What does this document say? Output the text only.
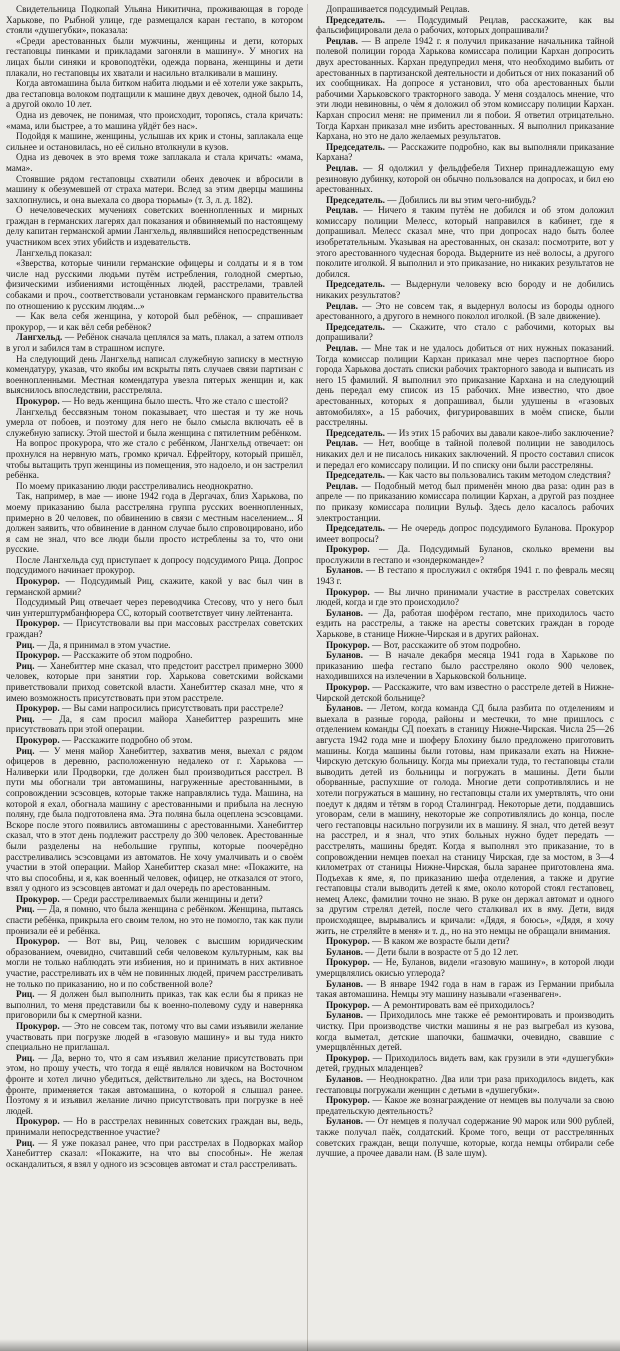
Свидетельница Подкопай Ульяна Никитична, проживающая в городе Харькове, по Рыбной улице, где размещался каран гестапо, в котором стояли «душегубки», показала:

«Среди арестованных были мужчины, женщины и дети, которых гестаповцы пинками и прикладами загоняли в машину». У многих на лицах были синяки и кровоподтёки, одежда порвана, женщины и дети плакали, но гестаповцы их хватали и насильно вталкивали в машину.

Когда автомашина была битком набита людьми и её хотели уже закрыть, два гестаповца волоком подтащили к машине двух девочек, одной было 14, а другой около 10 лет.

Одна из девочек, не понимая, что происходит, торопясь, стала кричать: «мама, или быстрее, а то машина уйдёт без нас».

Подойдя к машине, женщины, услышав их крик и стоны, заплакала еще сильнее и остановилась, но её сильно втолкнули в кузов.

Одна из девочек в это время тоже заплакала и стала кричать: «мама, мама».

Стоявшие рядом гестаповцы схватили обеих девочек и вбросили в машину к обезумевшей от страха матери. Вслед за этим дверцы машины захлопнулись, и она выехала со двора тюрьмы» (т. 3, л. д. 182).

О нечеловеческих мучениях советских военнопленных и мирных граждан в германских лагерях дал показания и обвиняемый по настоящему делу капитан германской армии Лангхельд, являвшийся непосредственным участником всех этих убийств и издевательств.

Лангхельд показал:

«Зверства, которые чинили германские офицеры и солдаты и я в том числе над русскими людьми путём истребления, голодной смертью, физическими избиениями истощённых людей, расстрелами, травлей собаками и проч., соответствовали установкам германского правительства по отношению к русским людям...»

— Как вела себя женщина, у которой был ребёнок, — спрашивает прокурор, — и как вёл себя ребёнок?

Лангхельд. — Ребёнок сначала цеплялся за мать, плакал, а затем отполз в угол и забился там в страшном испуге.

На следующий день Лангхельд написал служебную записку в местную комендатуру, указав, что якобы им вскрыты пять случаев связи партизан с военнопленными. Местная комендатура увезла пятерых женщин и, как выяснилось впоследствии, расстреляла.

Прокурор. — Но ведь женщина было шесть. Что же стало с шестой?

Лангхельд бессвязным тоном показывает, что шестая и ту же ночь умерла от побоев, и поэтому для него не было смысла включать её в служебную записку. Этой шестой и была женщина с пятилетним ребёнком.

На вопрос прокурора, что же стало с ребёнком, Лангхельд отвечает: он прохнулся на нервную мать, громко кричал. Ефрейтору, который пришёл, чтобы вытащить труп женщины из помещения, это надоело, и он застрелил ребёнка.

По моему приказанию люди расстреливались неоднократно.

Так, например, в мае — июне 1942 года в Дергачах, близ Харькова, по моему приказанию была расстреляна группа русских военнопленных, примерно в 20 человек, по обвинению в связи с местным населением... Я должен заявить, что обвинение в данном случае было спровоцировано, ибо я сам не знал, что все люди были просто истреблены за то, что они русские.

После Лангхельда суд приступает к допросу подсудимого Рица. Допрос подсудимого начинает прокурор.

Прокурор. — Подсудимый Риц, скажите, какой у вас был чин в германской армии?

Подсудимый Риц отвечает через переводчика Стесову, что у него был чин унтерштурмбанфюрера СС, который соответствует чину лейтенанта.

Прокурор. — Присутствовали вы при массовых расстрелах советских граждан?

Риц. — Да, я принимал в этом участие.

Прокурор. — Расскажите об этом подробно.

Риц. — Ханебиттер мне сказал, что предстоит расстрел примерно 3000 человек, которые при занятии гор. Харькова советскими войсками приветствовали приход советской власти. Ханебиттер сказал мне, что я имею возможность присутствовать при этом расстреле.

Прокурор. — Вы сами напросились присутствовать при расстреле?

Риц. — Да, я сам просил майора Ханебиттер разрешить мне присутствовать при этой операции.

Прокурор. — Расскажите подробно об этом.

Риц. — У меня майор Ханебиттер, захватив меня, выехал с рядом офицеров в деревню, расположенную недалеко от г. Харькова — Наливерки или Продворки, где должен был производиться расстрел. В пути мы обогнали три автомашины, нагруженные арестованными, в сопровождении эсэсовцев, которые также направлялись туда. Машина, на которой я ехал, обогнала машину с арестованными и прибыла на лесную поляну, где была подготовлена яма. Эта поляна была оцеплена эсэсовцами. Вскоре после этого появились автомашины с арестованными. Ханебиттер сказал, что в этот день подлежит расстрелу до 300 человек. Арестованные были разделены на небольшие группы, которые поочерёдно расстреливались эсэсовцами из автоматов. Не хочу умалчивать и о своём участии в этой операции. Майор Ханебиттер сказал мне: «Покажите, на что вы способны, и я, как военный человек, офицер, не отказался от этого, взял у одного из эсэсовцев автомат и дал очередь по арестованным.

Прокурор. — Среди расстреливаемых были женщины и дети?

Риц. — Да, я помню, что была женщина с ребёнком. Женщина, пытаясь спасти ребёнка, прикрыла его своим телом, но это не помогло, так как пули пронизали её и ребёнка.

Прокурор. — Вот вы, Риц, человек с высшим юридическим образованием, очевидно, считавший себя человеком культурным, как вы могли не только наблюдать эти избиения, но и принимать в них активное участие, расстреливать их в чём не повинных людей, причем расстреливать не только по приказанию, но и по собственной воле?

Риц. — Я должен был выполнить приказ, так как если бы я приказ не выполнил, то меня представили бы к военно-полевому суду и наверняка приговорили бы к смертной казни.

Прокурор. — Это не совсем так, потому что вы сами изъявили желание участвовать при погрузке людей в «газовую машину» и вы туда никто специально не приглашал.

Риц. — Да, верно то, что я сам изъявил желание присутствовать при этом, но прошу учесть, что тогда я ещё являлся новичком на Восточном фронте и хотел лично убедиться, действительно ли здесь, на Восточном фронте, применяется такая автомашина, о которой я слышал ранее. Поэтому я и изъявил желание лично присутствовать при погрузке в неё людей.

Прокурор. — Но в расстрелах невинных советских граждан вы, ведь, принимали непосредственное участие?

Риц. — Я уже показал ранее, что при расстрелах в Подворках майор Ханебиттер сказал: «Покажите, на что вы способны». Не желая оскандалиться, я взял у одного из эсэсовцев автомат и стал расстреливать.

Допрашивается подсудимый Рецлав.

Председатель. — Подсудимый Рецлав, расскажите, как вы фальсифицировали дела о рабочих, которых допрашивали?

Рецлав. — В апреле 1942 г. я получил приказание начальника тайной полевой полиции города Харькова комиссара полиции Кархан допросить двух арестованных. Кархан предупредил меня, что необходимо выбить от арестованных в партизанской деятельности и добиться от них показаний об их сообщниках. На допросе я установил, что оба арестованных были рабочими Харьковского тракторного завода. У меня создалось мнение, что эти люди невиновны, о чём я доложил об этом комиссару полиции Кархан. Кархан спросил меня: не применил ли я побои. Я ответил отрицательно. Тогда Кархан приказал мне избить арестованных. Я выполнил приказание Кархана, но это не дало желаемых результатов.

Председатель. — Расскажите подробно, как вы выполняли приказание Кархана?

Рецлав. — Я одолжил у фельдфебеля Тихнер принадлежащую ему резиновую дубинку, которой он обычно пользовался на допросах, и бил ею арестованных.

Председатель. — Добились ли вы этим чего-нибудь?

Рецлав. — Ничего я таким путём не добился и об этом доложил комиссару полиции Мелесс, который направился в кабинет, где я допрашивал. Мелесс сказал мне, что при допросах надо быть более изобретательным. Указывая на арестованных, он сказал: посмотрите, вот у этого арестованного чудесная борода. Выдерните из неё волосы, а другого поколите иголкой. Я выполнил и это приказание, но никаких результатов не добился.

Председатель. — Выдернули человеку всю бороду и не добились никаких результатов?

Рецлав. — Это не совсем так, я выдернул волосы из бороды одного арестованного, а другого в немного поколол иголкой. (В зале движение).

Председатель. — Скажите, что стало с рабочими, которых вы допрашивали?

Рецлав. — Мне так и не удалось добиться от них нужных показаний. Тогда комиссар полиции Кархан приказал мне через паспортное бюро города Харькова достать списки рабочих тракторного завода и выписать из него 15 фамилий. Я выполнил это приказание Кархана и на следующий день передал ему список из 15 рабочих. Мне известно, что двое арестованных, которых я допрашивал, были удушены в «газовых автомобилях», а 15 рабочих, фигурировавших в моём списке, были расстреляны.

Председатель. — Из этих 15 рабочих вы давали какое-либо заключение?

Рецлав. — Нет, вообще в тайной полевой полиции не заводилось никаких дел и не писалось никаких заключений. Я просто составил список и передал его комиссару полиции. И по списку они были расстреляны.

Председатель. — Как часто вы пользовались таким методом следствия?

Рецлав. — Подобный метод был применён мною два раза: один раз в апреле — по приказанию комиссара полиции Кархан, а другой раз позднее по приказу комиссара полиции Вульф. Здесь дело касалось рабочих электростанции.

Председатель. — Не очередь допрос подсудимого Буланова. Прокурор имеет вопросы?

Прокурор. — Да. Подсудимый Буланов, сколько времени вы прослужили в гестапо и «зондеркоманде»?

Буланов. — В гестапо я прослужил с октября 1941 г. по февраль месяц 1943 г.

Прокурор. — Вы лично принимали участие в расстрелах советских людей, когда и где это происходило?

Буланов. — Да, работая шофёром гестапо, мне приходилось часто ездить на расстрелы, а также на аресты советских граждан в городе Харькове, в станице Нижне-Чирская и в других районах.

Прокурор. — Вот, расскажите об этом подробно.

Буланов. — В начале декабря месяца 1941 года в Харькове по приказанию шефа гестапо было расстреляно около 900 человек, находившихся на излечении в Харьковской больнице.

Прокурор. — Расскажите, что вам известно о расстреле детей в Нижне-Чирской детской больнице?

Буланов. — Летом, когда команда СД была разбита по отделениям и выехала в разные города, районы и местечки, то мне пришлось с отделением команды СД поехать в станицу Нижне-Чирская. Числа 25—26 августа 1942 года мне и шоферу Блохину было предложено приготовить машины. Когда машины были готовы, нам приказали ехать на Нижне-Чирскую детскую больницу. Когда мы приехали туда, то гестаповцы стали выводить детей из больницы и погружать в машины. Дети были оборванные, распухшие от голода. Многие дети сопротивлялись и не хотели погружаться в машину, но гестаповцы стали их умертвлять, что они поедут к дядям и тётям в город Сталинград. Некоторые дети, поддавшись уговорам, сели в машину, некоторые же сопротивлялись до конца, после чего гестаповцы насильно погрузили их в машину. Я знал, что детей везут на расстрел, и я знал, что этих больных нужно будет передать — расстрелять, машины бредят. Когда я выполнял это приказание, то в сопровождении немцев поехал на станицу Чирская, где за мостом, в 3—4 километрах от станицы Нижне-Чирская, была заранее приготовлена яма. Подъехав к яме, я, по приказанию шефа отделения, а также и другие гестаповцы стали выводить детей к яме, около которой стоял гестаповец, немец Алекс, фамилии точно не знаю. В руке он держал автомат и одного за другим стрелял детей, после чего сталкивал их в яму. Дети, видя происходящее, вырывались и кричали: «Дядя, я боюсь», «Дядя, я хочу жить, не стреляйте в меня» и т. д., но на это немцы не обращали внимания.

Прокурор. — В каком же возрасте были дети?

Буланов. — Дети были в возрасте от 5 до 12 лет.

Прокурор. — Не, Буланов, видели «газовую машину», в которой люди умерщвлялись окисью углерода?

Буланов. — В январе 1942 года в нам в гараж из Германии прибыла такая автомашина. Немцы эту машину называли «газенваген».

Прокурор. — А ремонтировать вам её приходилось?

Буланов. — Приходилось мне также её ремонтировать и производить чистку. При производстве чистки машины я не раз выгребал из кузова, когда выметал, детские шапочки, башмачки, очевидно, свавшие с умерщвлённых детей.

Прокурор. — Приходилось видеть вам, как грузили в эти «душегубки» детей, грудных младенцев?

Буланов. — Неоднократно. Два или три раза приходилось видеть, как гестаповцы погружали женщин с детьми в «душегубки».

Прокурор. — Какое же вознаграждение от немцев вы получали за свою предательскую деятельность?

Буланов. — От немцев я получал содержание 90 марок или 900 рублей, также получал паёк, солдатский. Кроме того, вещи от расстрелянных советских граждан, вещи получше, которые, когда немцы отбирали себе лучшие, а прочее давали нам. (В зале шум).
